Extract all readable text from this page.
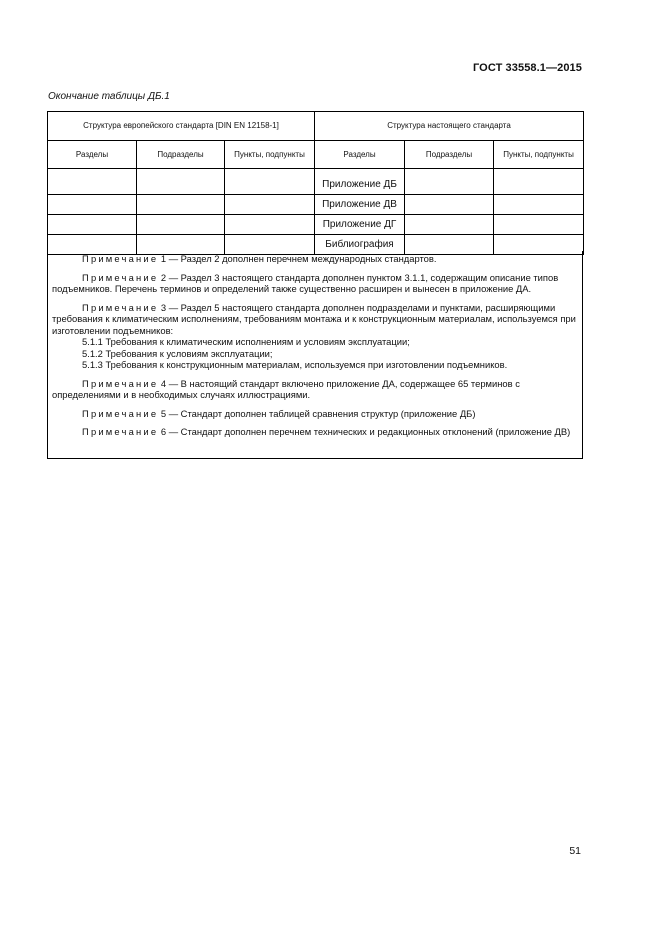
ГОСТ 33558.1—2015
Окончание таблицы ДБ.1
Структура европейского стандарта [DIN EN 12158-1]			Структура настоящего стандарта		
Разделы	Подразделы	Пункты, подпункты	Разделы	Подразделы	Пункты, подпункты

			Приложение ДБ		
			Приложение ДВ		
			Приложение ДГ		
			Библиография		

Примечание 1 — Раздел 2 дополнен перечнем международных стандартов.

Примечание 2 — Раздел 3 настоящего стандарта дополнен пунктом 3.1.1, содержащим описание типов подъемников. Перечень терминов и определений также существенно расширен и вынесен в приложение ДА.

Примечание 3 — Раздел 5 настоящего стандарта дополнен подразделами и пунктами, расширяющими требования к климатическим исполнениям, требованиям монтажа и к конструкционным материалам, используемся при изготовлении подъемников:

5.1.1 Требования к климатическим исполнениям и условиям эксплуатации;
5.1.2 Требования к условиям эксплуатации;
5.1.3 Требования к конструкционным материалам, используемся при изготовлении подъемников.

Примечание 4 — В настоящий стандарт включено приложение ДА, содержащее 65 терминов с определениями и в необходимых случаях иллюстрациями.

Примечание 5 — Стандарт дополнен таблицей сравнения структур (приложение ДБ)

Примечание 6 — Стандарт дополнен перечнем технических и редакционных отклонений (приложение ДВ)

51
